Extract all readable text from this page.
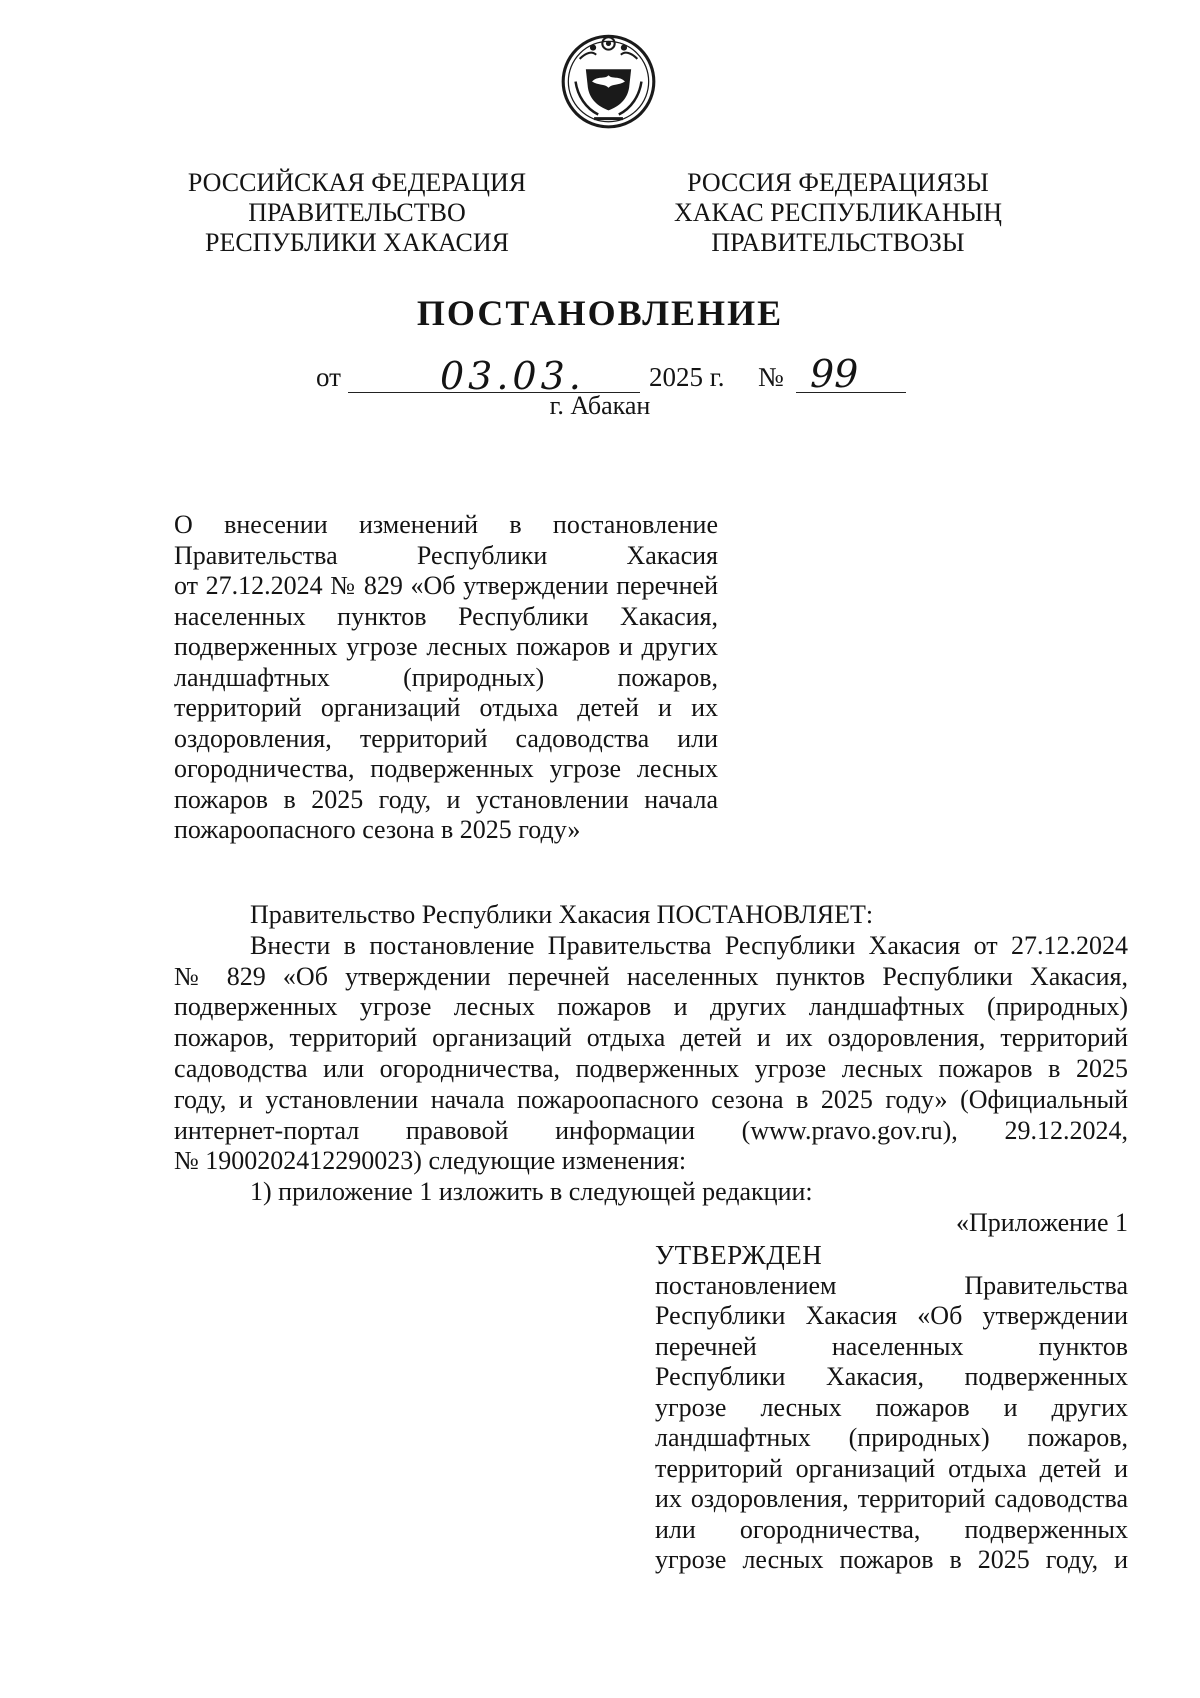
РОССИЙСКАЯ ФЕДЕРАЦИЯ
ПРАВИТЕЛЬСТВО
РЕСПУБЛИКИ ХАКАСИЯ
РОССИЯ ФЕДЕРАЦИЯЗЫ
ХАКАС РЕСПУБЛИКАНЫҢ
ПРАВИТЕЛЬСТВОЗЫ
ПОСТАНОВЛЕНИЕ
от	03.03. 2025 г. № 99
г. Абакан
О внесении изменений в постановление
Правительства Республики Хакасия
от 27.12.2024 № 829 «Об утверждении перечней
населенных пунктов Республики Хакасия,
подверженных угрозе лесных пожаров и других
ландшафтных (природных) пожаров,
территорий организаций отдыха детей и их
оздоровления, территорий садоводства или
огородничества, подверженных угрозе лесных
пожаров в 2025 году, и установлении начала
пожароопасного сезона в 2025 году»
Правительство Республики Хакасия ПОСТАНОВЛЯЕТ:
Внести в постановление Правительства Республики Хакасия от 27.12.2024
№ 829 «Об утверждении перечней населенных пунктов Республики Хакасия,
подверженных угрозе лесных пожаров и других ландшафтных (природных)
пожаров, территорий организаций отдыха детей и их оздоровления, территорий
садоводства или огородничества, подверженных угрозе лесных пожаров в 2025
году, и установлении начала пожароопасного сезона в 2025 году» (Официальный
интернет-портал правовой информации (www.pravo.gov.ru), 29.12.2024,
№ 1900202412290023) следующие изменения:
1) приложение 1 изложить в следующей редакции:
«Приложение 1
УТВЕРЖДЕН
постановлением Правительства
Республики Хакасия «Об утверждении
перечней населенных пунктов
Республики Хакасия, подверженных
угрозе лесных пожаров и других
ландшафтных (природных) пожаров,
территорий организаций отдыха детей и
их оздоровления, территорий садоводства
или огородничества, подверженных
угрозе лесных пожаров в 2025 году, и
